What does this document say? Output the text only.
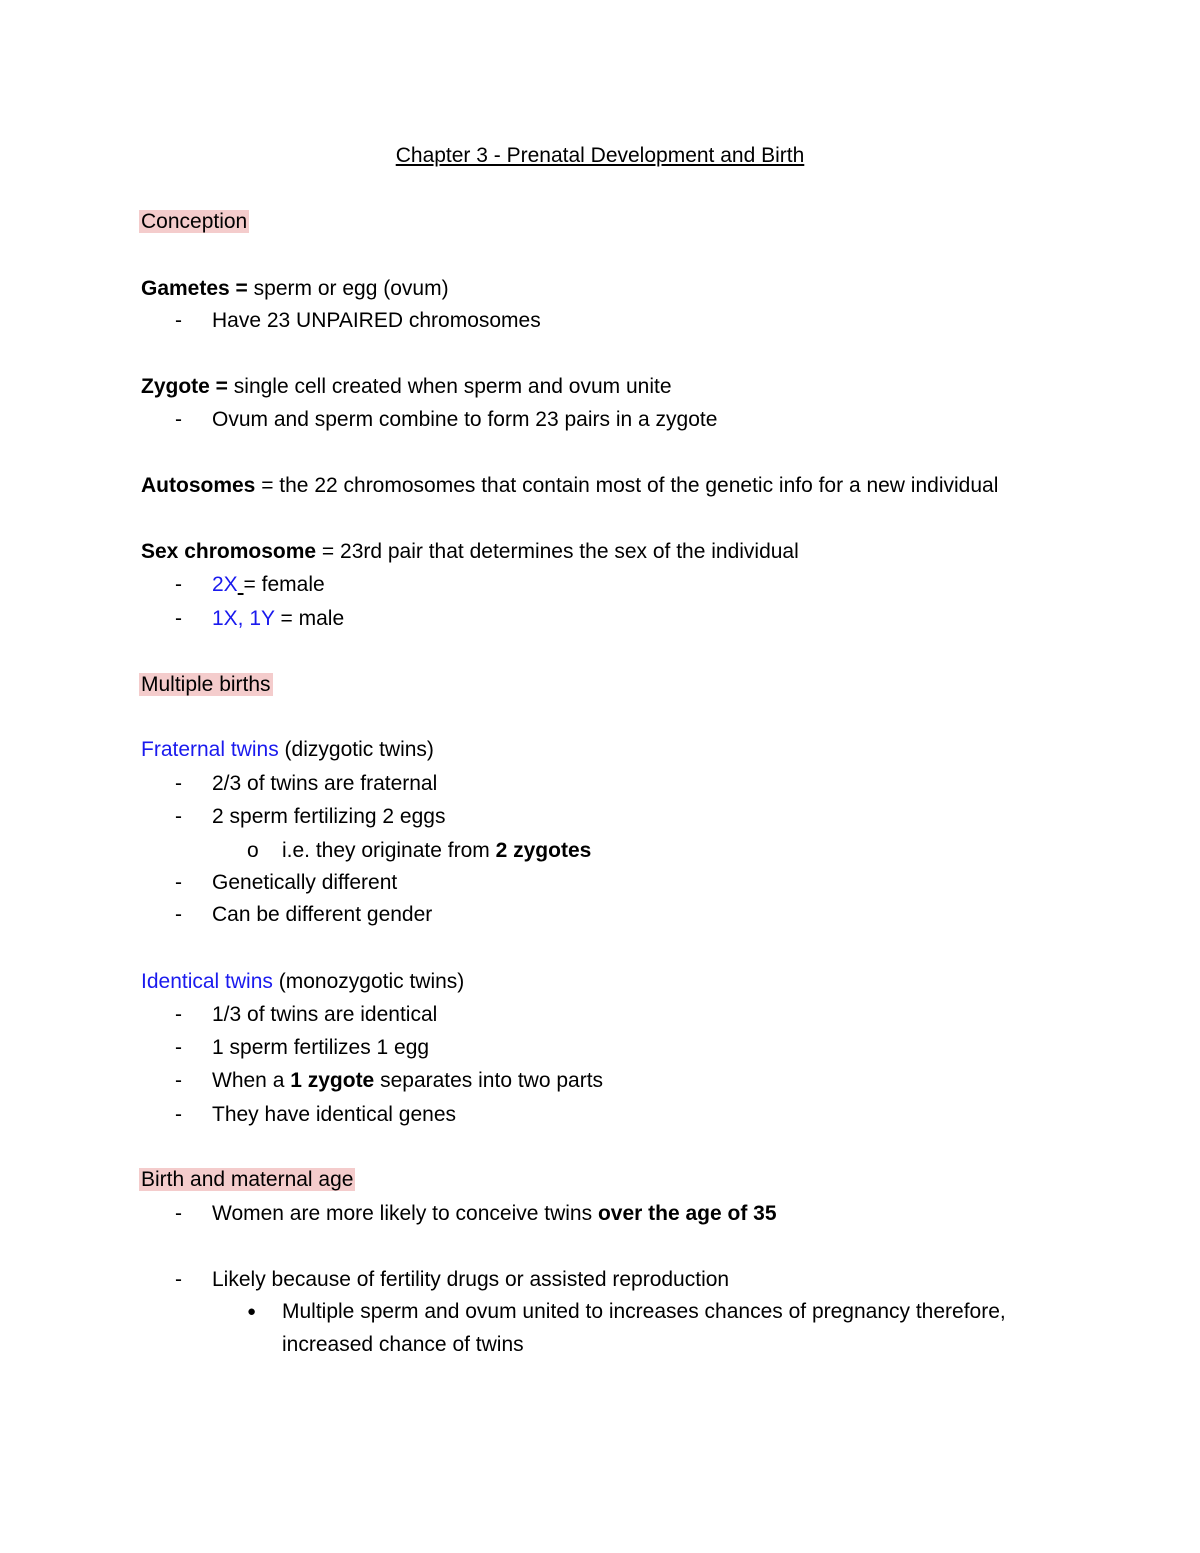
Chapter 3 - Prenatal Development and Birth
Conception
Gametes = sperm or egg (ovum)
- Have 23 UNPAIRED chromosomes
Zygote = single cell created when sperm and ovum unite
- Ovum and sperm combine to form 23 pairs in a zygote
Autosomes = the 22 chromosomes that contain most of the genetic info for a new individual
Sex chromosome = 23rd pair that determines the sex of the individual
- 2X = female
- 1X, 1Y = male
Multiple births
Fraternal twins (dizygotic twins)
- 2/3 of twins are fraternal
- 2 sperm fertilizing 2 eggs
o i.e. they originate from 2 zygotes
- Genetically different
- Can be different gender
Identical twins (monozygotic twins)
- 1/3 of twins are identical
- 1 sperm fertilizes 1 egg
- When a 1 zygote separates into two parts
- They have identical genes
Birth and maternal age
- Women are more likely to conceive twins over the age of 35
- Likely because of fertility drugs or assisted reproduction
● Multiple sperm and ovum united to increases chances of pregnancy therefore,
increased chance of twins
